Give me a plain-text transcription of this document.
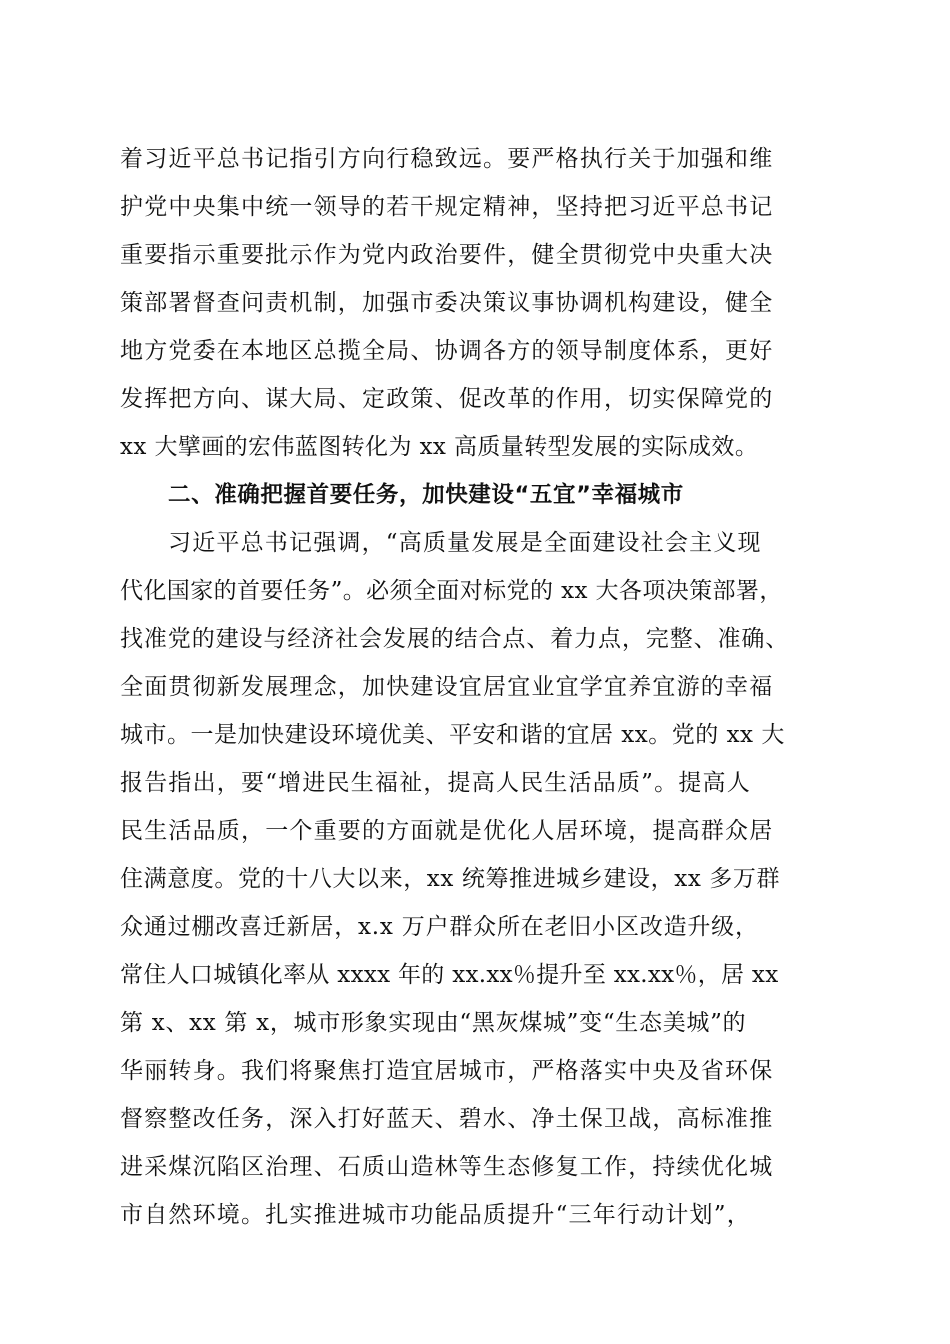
着习近平总书记指引方向行稳致远。要严格执行关于加强和维
护党中央集中统一领导的若干规定精神，坚持把习近平总书记
重要指示重要批示作为党内政治要件，健全贯彻党中央重大决
策部署督查问责机制，加强市委决策议事协调机构建设，健全
地方党委在本地区总揽全局、协调各方的领导制度体系，更好
发挥把方向、谋大局、定政策、促改革的作用，切实保障党的
xx 大擘画的宏伟蓝图转化为 xx 高质量转型发展的实际成效。
二、准确把握首要任务，加快建设“五宜”幸福城市
习近平总书记强调，“高质量发展是全面建设社会主义现
代化国家的首要任务”。必须全面对标党的 xx 大各项决策部署，
找准党的建设与经济社会发展的结合点、着力点，完整、准确、
全面贯彻新发展理念，加快建设宜居宜业宜学宜养宜游的幸福
城市。一是加快建设环境优美、平安和谐的宜居 xx。党的 xx 大
报告指出，要“增进民生福祉，提高人民生活品质”。提高人
民生活品质，一个重要的方面就是优化人居环境，提高群众居
住满意度。党的十八大以来，xx 统筹推进城乡建设，xx 多万群
众通过棚改喜迁新居，x.x 万户群众所在老旧小区改造升级，
常住人口城镇化率从 xxxx 年的 xx.xx％提升至 xx.xx％，居 xx
第 x、xx 第 x，城市形象实现由“黑灰煤城”变“生态美城”的
华丽转身。我们将聚焦打造宜居城市，严格落实中央及省环保
督察整改任务，深入打好蓝天、碧水、净土保卫战，高标准推
进采煤沉陷区治理、石质山造林等生态修复工作，持续优化城
市自然环境。扎实推进城市功能品质提升“三年行动计划”，
